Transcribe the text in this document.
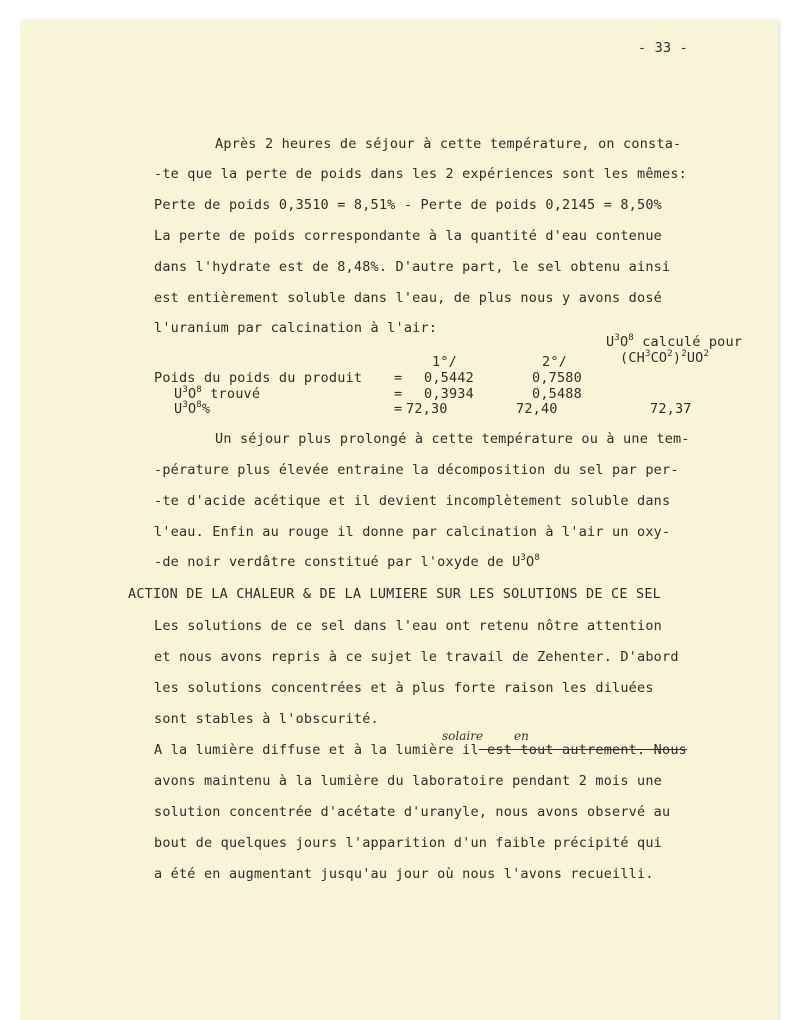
- 33 -
Après 2 heures de séjour à cette température, on consta-
-te que la perte de poids dans les 2 expériences sont les mêmes:
Perte de poids 0,3510 = 8,51% - Perte de poids 0,2145 = 8,50%
La perte de poids correspondante à la quantité d'eau contenue
dans l'hydrate est de 8,48%. D'autre part, le sel obtenu ainsi
est entièrement soluble dans l'eau, de plus nous y avons dosé
l'uranium par calcination à l'air:
$U^3O^8$ calculé pour
$(CH^3CO^2)^2UO^2$
1°/	2°/
Poids du poids du produit = 0,5442	0,7580
$U^3O^8$ trouvé	= 0,3934	0,5488
$U^3O^8\%$	= 72,30	72,40	72,37
Un séjour plus prolongé à cette température ou à une tem-
-pérature plus élevée entraine la décomposition du sel par per-
-te d'acide acétique et il devient incomplètement soluble dans
l'eau. Enfin au rouge il donne par calcination à l'air un oxy-
-de noir verdâtre constitué par l'oxyde de $U^3O^8$
ACTION DE LA CHALEUR & DE LA LUMIERE SUR LES SOLUTIONS DE CE SEL
Les solutions de ce sel dans l'eau ont retenu nôtre attention
et nous avons repris à ce sujet le travail de Zehenter. D'abord
les solutions concentrées et à plus forte raison les diluées
sont stables à l'obscurité.
solaire	en
A la lumière diffuse et à la lumière il est tout autrement. Nous
avons maintenu à la lumière du laboratoire pendant 2 mois une
solution concentrée d'acétate d'uranyle, nous avons observé au
bout de quelques jours l'apparition d'un faible précipité qui
a été en augmentant jusqu'au jour où nous l'avons recueilli.
